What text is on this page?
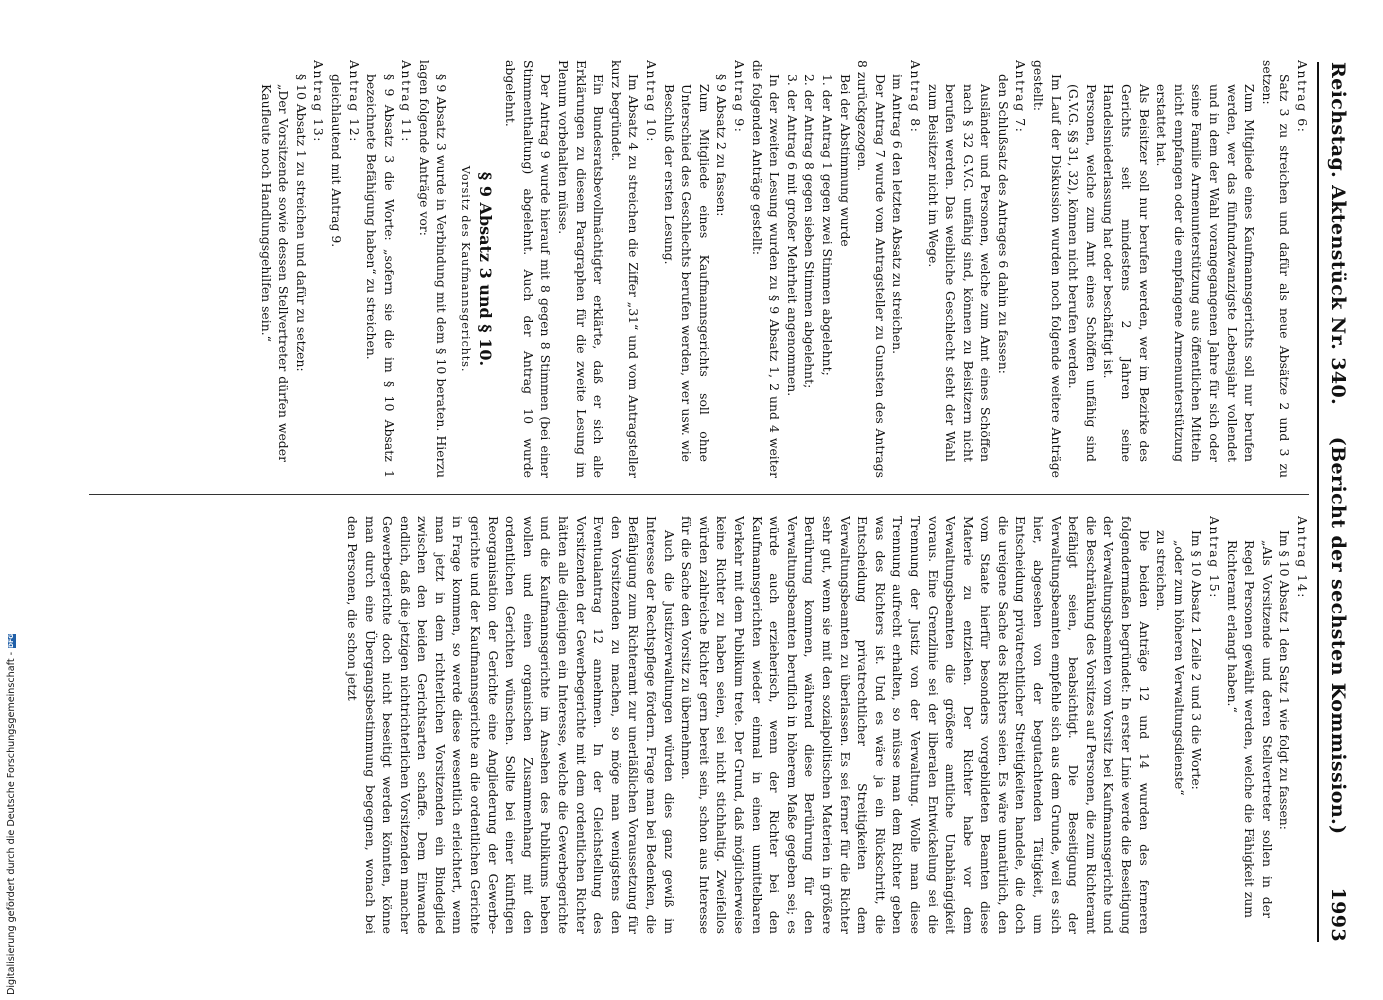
Reichstag. Aktenstück Nr. 340.
(Bericht der sechsten Kommission.) 1993

Antrag 6:

Satz 3 zu streichen und dafür als neue Absätze 2 und 3 zu setzen:

Zum Mitgliede eines Kaufmannsgerichts soll nur berufen werden, wer das fünfundzwanzigste Lebensjahr vollendet und in dem der Wahl vorangegangenen Jahre für sich oder seine Familie Armenunterstützung aus öffentlichen Mitteln nicht empfangen oder die empfangene Armenunterstützung erstattet hat.

Als Beisitzer soll nur berufen werden, wer im Bezirke des Gerichts seit mindestens 2 Jahren seine Handelsniederlassung hat oder beschäftigt ist.

Personen, welche zum Amt eines Schöffen unfähig sind (G.V.G. §§ 31, 32), können nicht berufen werden.

Im Lauf der Diskussion wurden noch folgende weitere Anträge gestellt:

Antrag 7:

den Schlußsatz des Antrages 6 dahin zu fassen:

Ausländer und Personen, welche zum Amt eines Schöffen nach § 32 G.V.G. unfähig sind, können zu Beisitzern nicht berufen werden. Das weibliche Geschlecht steht der Wahl zum Beisitzer nicht im Wege.

Antrag 8:

im Antrag 6 den letzten Absatz zu streichen.

Der Antrag 7 wurde vom Antragsteller zu Gunsten des Antrags 8 zurückgezogen.

Bei der Abstimmung wurde

1. der Antrag 1 gegen zwei Stimmen abgelehnt;

2. der Antrag 8 gegen sieben Stimmen abgelehnt;

3. der Antrag 6 mit großer Mehrheit angenommen.

In der zweiten Lesung wurden zu § 9 Absatz 1, 2 und 4 weiter die folgenden Anträge gestellt:

Antrag 9:

§ 9 Absatz 2 zu fassen:

Zum Mitgliede eines Kaufmannsgerichts soll ohne Unterschied des Geschlechts berufen werden, wer usw. wie Beschluß der ersten Lesung.

Antrag 10:

Im Absatz 4 zu streichen die Ziffer „31“ und vom Antragsteller kurz begründet.

Ein Bundesratsbevollmächtigter erklärte, daß er sich alle Erklärungen zu diesem Paragraphen für die zweite Lesung im Plenum vorbehalten müsse.

Der Antrag 9 wurde hierauf mit 8 gegen 8 Stimmen (bei einer Stimmenthaltung) abgelehnt. Auch der Antrag 10 wurde abgelehnt.

§ 9 Absatz 3 und § 10.

Vorsitz des Kaufmannsgerichts.

§ 9 Absatz 3 wurde in Verbindung mit dem § 10 beraten. Hierzu lagen folgende Anträge vor:

Antrag 11:

§ 9 Absatz 3 die Worte: „sofern sie die im § 10 Absatz 1 bezeichnete Befähigung haben“ zu streichen.

Antrag 12:

gleichlautend mit Antrag 9.

Antrag 13:

§ 10 Absatz 1 zu streichen und dafür zu setzen:

„Der Vorsitzende sowie dessen Stellvertreter dürfen weder Kaufleute noch Handlungsgehilfen sein.“

Antrag 14:

Im § 10 Absatz 1 den Satz 1 wie folgt zu fassen:

„Als Vorsitzende und deren Stellvertreter sollen in der Regel Personen gewählt werden, welche die Fähigkeit zum Richteramt erlangt haben.“

Antrag 15:

Im § 10 Absatz 1 Zeile 2 und 3 die Worte:

„oder zum höheren Verwaltungsdienste“

zu streichen.

Die beiden Anträge 12 und 14 wurden des ferneren folgendermaßen begründet: In erster Linie werde die Beseitigung der Verwaltungsbeamten vom Vorsitz bei Kaufmannsgerichte und die Beschränkung des Vorsitzes auf Personen, die zum Richteramt befähigt seien, beabsichtigt. Die Beseitigung der Verwaltungsbeamten empfehle sich aus dem Grunde, weil es sich hier, abgesehen von der begutachtenden Tätigkeit, um Entscheidung privatrechtlicher Streitigkeiten handele, die doch die ureigene Sache des Richters seien. Es wäre unnatürlich, den vom Staate hierfür besonders vorgebildeten Beamten diese Materie zu entziehen. Der Richter habe vor dem Verwaltungsbeamten die größere amtliche Unabhängigkeit voraus. Eine Grenzlinie sei der liberalen Entwickelung sei die Trennung der Justiz von der Verwaltung. Wolle man diese Trennung aufrecht erhalten, so müsse man dem Richter geben was des Richters ist. Und es wäre ja ein Rückschritt, die Entscheidung privatrechtlicher Streitigkeiten dem Verwaltungsbeamten zu überlassen. Es sei ferner für die Richter sehr gut, wenn sie mit den sozialpolitischen Materien in größere Berührung kommen, während diese Berührung für den Verwaltungsbeamten beruflich in höherem Maße gegeben sei; es würde auch erzieherisch, wenn der Richter bei den Kaufmannsgerichten wieder einmal in einen unmittelbaren Verkehr mit dem Publikum trete. Der Grund, daß möglicherweise keine Richter zu haben seien, sei nicht stichhaltig. Zweifellos würden zahlreiche Richter gern bereit sein, schon aus Interesse für die Sache den Vorsitz zu übernehmen.

Auch die Justizverwaltungen würden dies ganz gewiß im Interesse der Rechtspflege fördern. Frage man bei Bedenken, die Befähigung zum Richteramt zur unerläßlichen Voraussetzung für den Vorsitzenden zu machen, so möge man wenigstens den Eventualantrag 12 annehmen. In der Gleichstellung des Vorsitzenden der Gewerbegerichte mit dem ordentlichen Richter hätten alle diejenigen ein Interesse, welche die Gewerbegerichte und die Kaufmannsgerichte im Ansehen des Publikums heben wollen und einen organischen Zusammenhang mit den ordentlichen Gerichten wünschen. Sollte bei einer künftigen Reorganisation der Gerichte eine Angliederung der Gewerbegerichte und der Kaufmannsgerichte an die ordentlichen Gerichte in Frage kommen, so werde diese wesentlich erleichtert, wenn man jetzt in dem richterlichen Vorsitzenden ein Bindeglied zwischen den beiden Gerichtsarten schaffe. Dem Einwande endlich, daß die jetzigen nichtrichterlichen Vorsitzenden mancher Gewerbegerichte doch nicht beseitigt werden könnten, könne man durch eine Übergangsbestimmung begegnen, wonach bei den Personen, die schon jetzt

Digitalisierung gefördert durch die Deutsche Forschungsgemeinschaft -
DFG
